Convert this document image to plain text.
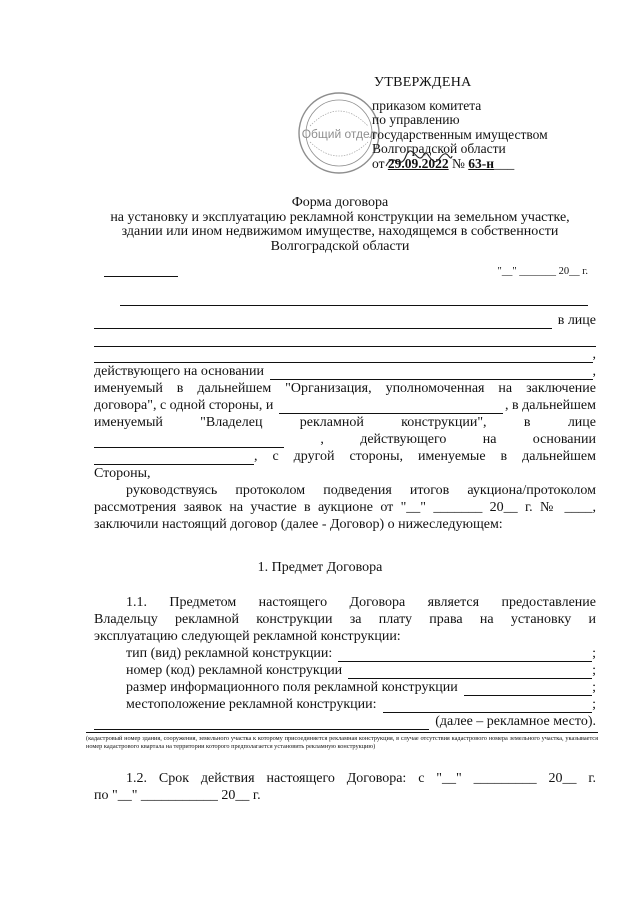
УТВЕРЖДЕНА
приказом комитета
по управлению
государственным имуществом
Волгоградской области
от 29.09.2022 № 63-н___
Общий отдел
Форма договора
на установку и эксплуатацию рекламной конструкции на земельном участке,
здании или ином недвижимом имуществе, находящемся в собственности
Волгоградской области
"__" _______ 20__ г.
в лице
,
действующего на основании	,
именуемый в дальнейшем "Организация, уполномоченная на заключение
договора", с одной стороны, и	, в дальнейшем
именуемый	"Владелец	рекламной	конструкции",	в	лице
,	действующего	на	основании
, с другой стороны, именуемые в дальнейшем
Стороны,
руководствуясь протоколом подведения итогов аукциона/протоколом
рассмотрения заявок на участие в аукционе от "__" _______ 20__ г. № ____,
заключили настоящий договор (далее - Договор) о нижеследующем:
1. Предмет Договора
1.1. Предметом настоящего Договора является предоставление
Владельцу рекламной конструкции за плату права на установку и
эксплуатацию следующей рекламной конструкции:
тип (вид) рекламной конструкции:	;
номер (код) рекламной конструкции	;
размер информационного поля рекламной конструкции	;
местоположение рекламной конструкции:	;
(далее – рекламное место).
(кадастровый номер здания, сооружения, земельного участка к которому присоединяется рекламная конструкция, в случае отсутствия кадастрового номера земельного участка, указывается номер кадастрового квартала на территории которого предполагается установить рекламную конструкцию)
1.2. Срок действия настоящего Договора: с "__" _________ 20__ г.
по "__" ___________ 20__ г.
